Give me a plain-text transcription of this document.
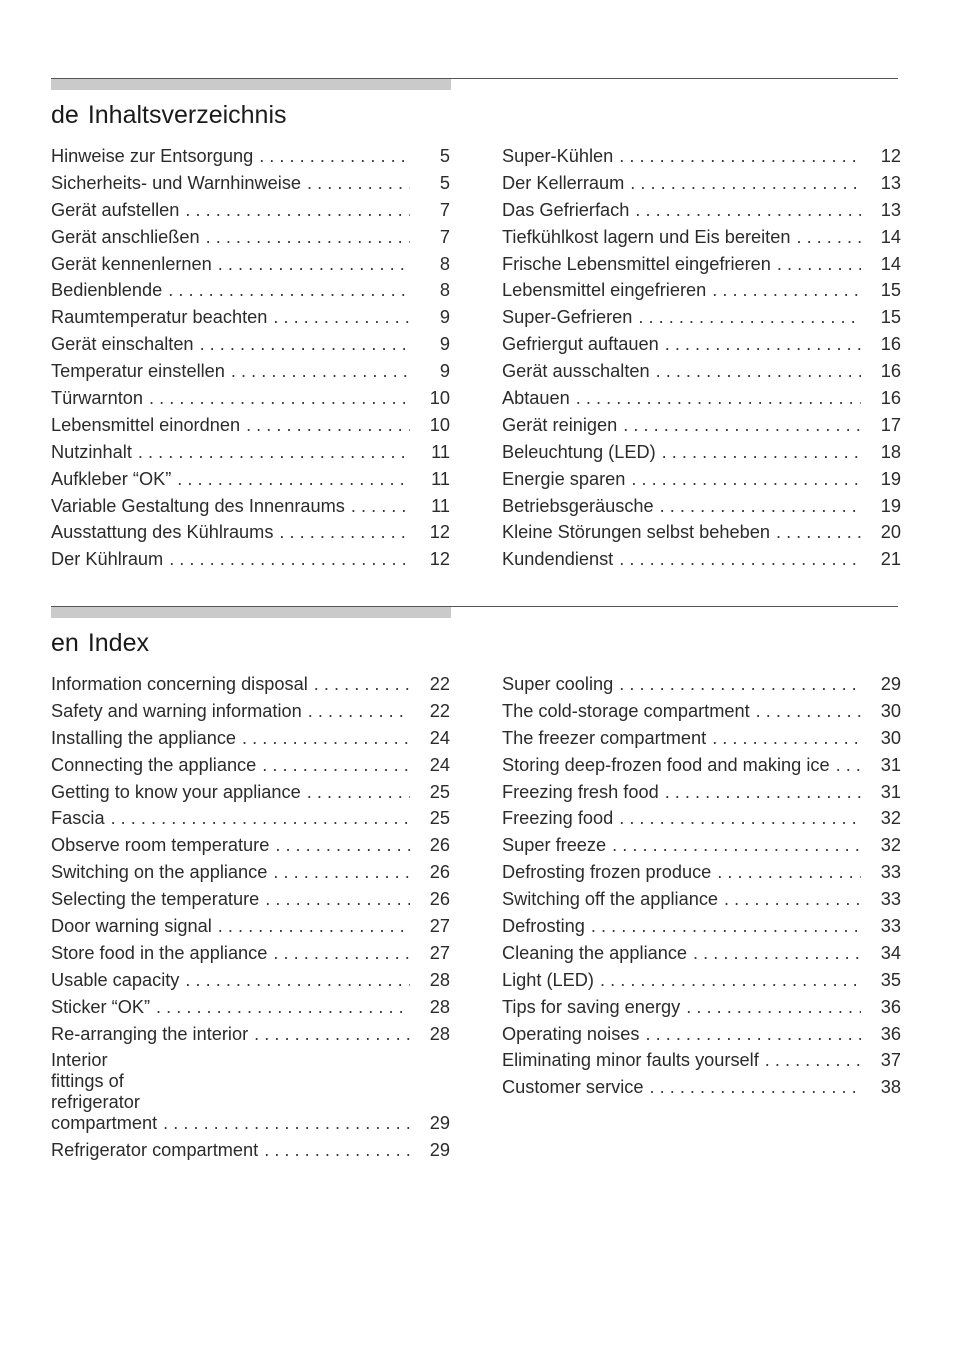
de Inhaltsverzeichnis
Hinweise zur Entsorgung . . .	5
Sicherheits- und Warnhinweise . . .	5
Gerät aufstellen . . .	7
Gerät anschließen . . .	7
Gerät kennenlernen . . .	8
Bedienblende . . .	8
Raumtemperatur beachten . . .	9
Gerät einschalten . . .	9
Temperatur einstellen . . .	9
Türwarnton . . .	10
Lebensmittel einordnen . . .	10
Nutzinhalt . . .	11
Aufkleber “OK” . . .	11
Variable Gestaltung des Innenraums . . .	11
Ausstattung des Kühlraums . . .	12
Der Kühlraum . . .	12
Super-Kühlen . . .	12
Der Kellerraum . . .	13
Das Gefrierfach . . .	13
Tiefkühlkost lagern und Eis bereiten . . .	14
Frische Lebensmittel eingefrieren . . .	14
Lebensmittel eingefrieren . . .	15
Super-Gefrieren . . .	15
Gefriergut auftauen . . .	16
Gerät ausschalten . . .	16
Abtauen . . .	16
Gerät reinigen . . .	17
Beleuchtung (LED) . . .	18
Energie sparen . . .	19
Betriebsgeräusche . . .	19
Kleine Störungen selbst beheben . . .	20
Kundendienst . . .	21
en Index
Information concerning disposal . . .	22
Safety and warning information . . .	22
Installing the appliance . . .	24
Connecting the appliance . . .	24
Getting to know your appliance . . .	25
Fascia . . .	25
Observe room temperature . . .	26
Switching on the appliance . . .	26
Selecting the temperature . . .	26
Door warning signal . . .	27
Store food in the appliance . . .	27
Usable capacity . . .	28
Sticker “OK” . . .	28
Re-arranging the interior . . .	28
Interior fittings of refrigerator compartment . . .	29
Refrigerator compartment . . .	29
Super cooling . . .	29
The cold-storage compartment . . .	30
The freezer compartment . . .	30
Storing deep-frozen food and making ice . . .	31
Freezing fresh food . . .	31
Freezing food . . .	32
Super freeze . . .	32
Defrosting frozen produce . . .	33
Switching off the appliance . . .	33
Defrosting . . .	33
Cleaning the appliance . . .	34
Light (LED) . . .	35
Tips for saving energy . . .	36
Operating noises . . .	36
Eliminating minor faults yourself . . .	37
Customer service . . .	38
